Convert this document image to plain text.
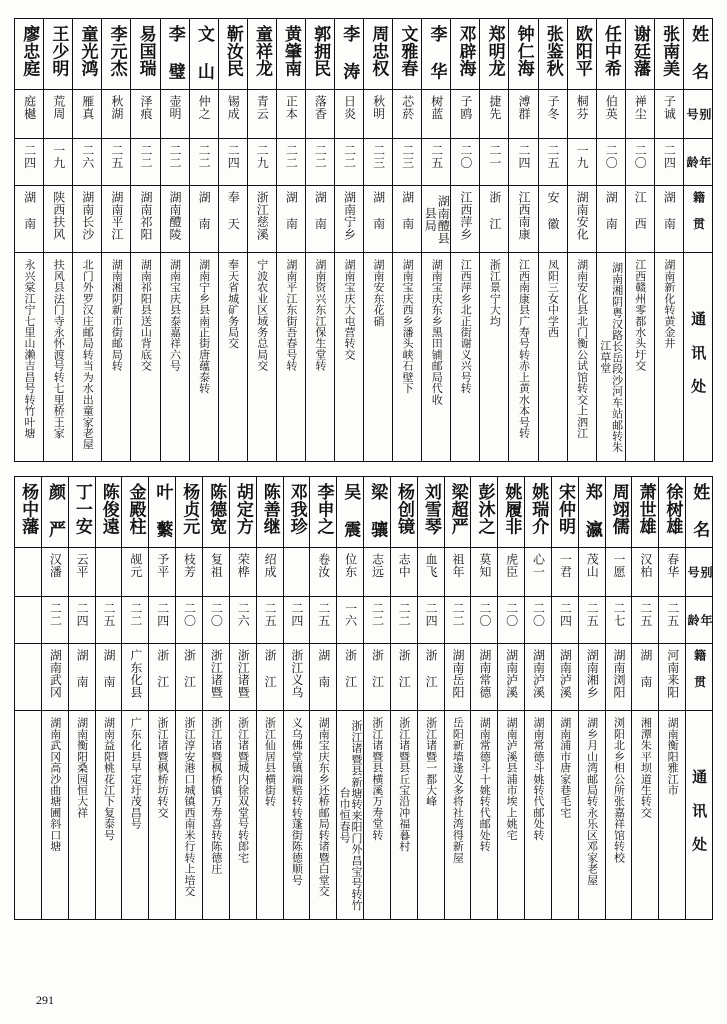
姓 名	张南美	谢廷藩	任中希	欧阳平	张鉴秋	钟仁海	郑明龙	邓辟海	李 华	文雅春	周忠权	李 涛	郭拥民	黄肇南	童祥龙	靳汝民	文 山	李 璧	易国瑞	李元杰	童光鸿	王少明	廖忠庭

别 号	子诚	禅尘	伯英	桐芬	子冬	溥群	捷先	子鸥	树蓝	芯菸	秋明	日炎	落香	正本	青云	锡成	仲之	壶明	泽痕	秋湖	雁真	荒周	庭樾

年 龄	二四	二〇	二〇	一九	二五	二四	二一	二〇	二五	二三	二三	二二	二二	二二	二九	二四	二二	二二	二二	二五	二六	一九	二四

籍 贯	湖 南	江 西	湖 南	湖南安化	安 徽	江西南康	浙 江	江西萍乡	湖南醴县县局	湖 南	湖 南	湖南宁乡	湖 南	湖 南	浙江慈溪	奉 天	湖 南	湖南醴陵	湖南祁阳	湖南平江	湖南长沙	陕西扶风	湖 南

通 讯 处	湖南新化转黄金井	江西赣州零都水头圩交	湖南湘阴粤汉路长岳段沙河车站邮转朱江草堂	湖南安化县北门衡公试馆转交上泗江	凤阳三女中学西	江西南康县广寿号转赤上黄水本号转	浙江景宁大均	江西萍乡北正街谢义兴号转	湖南宝庆东乡黑田铺邮局代收	湖南宝庆西乡潘头峡石壁下	湖南安东花硝	湖南宝庆大屯营转交	湖南资兴东江保生堂转	湖南平江东街吾春号转	宁波农业区域务总局交	奉天省城矿务局交	湖南宁乡县南正街唐蕴泰转	湖南宝庆县泰嘉祥六号	湖南祁阳县送山背底交	湖南湘阴新市街邮局转	北门外罗汉庄邮局转当为水出童家老屋	扶风县法门寺永怀渡号转七里桥王家	永兴棠江宁七里山濑吉昌号转竹叶塘
姓 名	徐树雄	萧世雄	周翊儒	郑 瀛	宋仲明	姚瑞介	姚履非	彭沐之	梁超严	刘雪琴	杨创镜	梁 骧	吴 震	李申之	邓我珍	陈善继	胡定方	陈德宽	杨贞元	叶 蘩	金殿柱	陈俊遠	丁一安	颜 严	杨中藩

别 号	春华	汉柏	一愿	茂山	一君	心一	虎臣	莫知	祖年	血飞	志中	志远	位东	卷汝		绍成	荣桦	复祖	枝芳	予平	觇元		云平	汉潘	

年 龄	二五	二五	二七	二五	二四	二〇	二〇	二〇	二二	二四	二二	二二	一六	二五	二四	二五	二六	二〇	二〇	二四	二二	二五	二四	二二	

籍 贯	河南来阳	湖 南	湖南浏阳	湖南湘乡	湖南泸溪	湖南泸溪	湖南泸溪	湖南常德	湖南岳阳	浙 江	浙 江	浙 江	浙 江	湖 南	浙江义乌	浙 江	浙江诸暨	浙江诸暨	浙 江	浙 江	广东化县	湖 南	湖 南	湖南武冈	

通 讯 处	湖南衡阳雅江市	湘潭朱平坝道生转交	浏阳北乡相公所张嘉祥馆转校	湖乡月山湾邮局转永乐区邓家老屋	湖南浦市唐家巷毛宅	湖南常德斗姚转代邮处转	湖南泸溪县浦市埃上姚宅	湖南常德斗十姚转代邮处转	岳阳新墙逢义多将社湾得新屋	浙江诸暨一都大峰	浙江诸暨县丘宝沿冲福暮村	浙江诸暨县横溪万寿堂转	浙江诸暨县新塘转来阳门外昌宝号转竹台巾恒春号	湖南宝庆东乡还桥邮局转诸暨白堂交	义乌佛堂镇端赔转转蓬街陈德顺号	浙江仙居县横街转	浙江诸暨城内徐双堂号转郎宅	浙江诸暨枫桥镇万寿喜转陈德庄	浙江淳安港口城镇西南米行转上培交	浙江诸暨枫桥坊转交	广东化县早定圩茂昌号	湖南益阳桃花江下复泰号	湖南衡阳桑园恒大祥	湖南武冈高沙曲塘圃斜口塘	

291
